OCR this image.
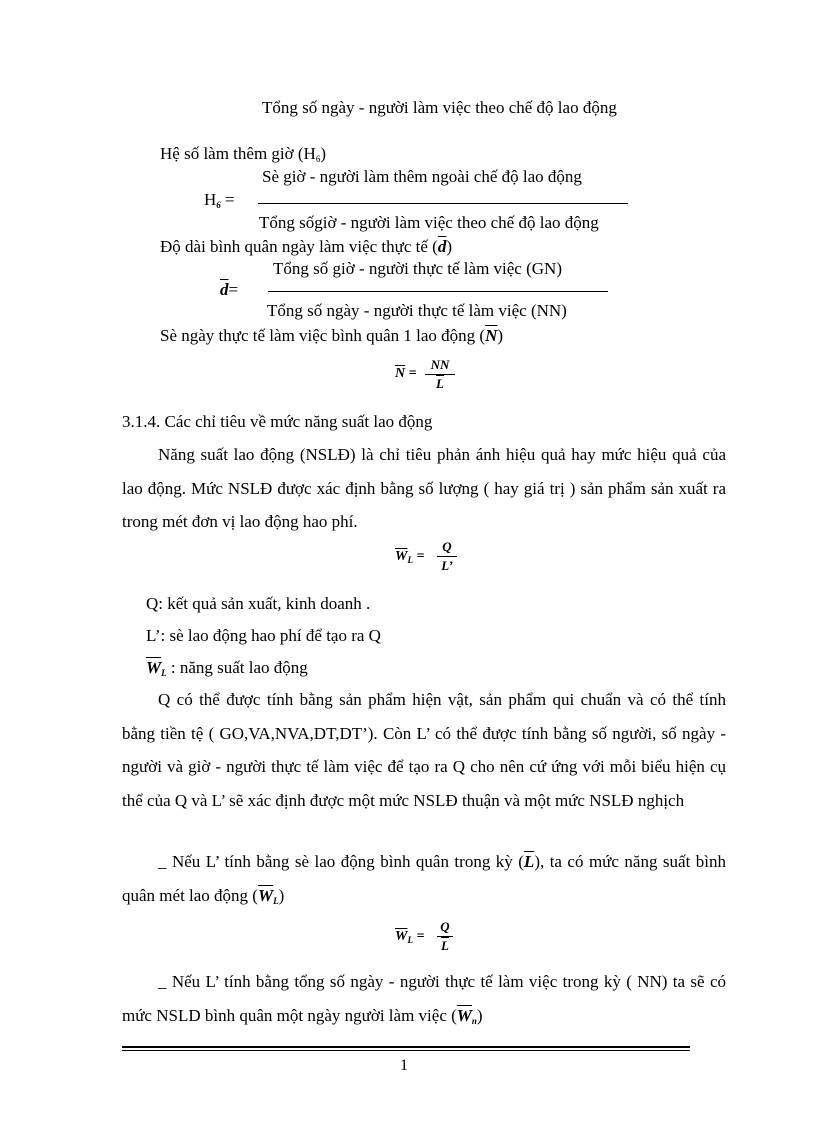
Tổng số ngày - người làm việc theo chế độ lao động
Hệ số làm thêm giờ $(H_6)$
Sè giờ - người làm thêm ngoài chế độ lao động
$H_6$ =
Tổng sốgiờ - người làm việc theo chế độ lao động
Độ dài bình quân ngày làm việc thực tế $(\overline{d})$
Tổng số giờ - người thực tế làm việc (GN)
$\overline{d}=$
Tổng số ngày - người thực tế làm việc (NN)
Sè ngày thực tế làm việc bình quân 1 lao động $(\overline{N})$
$\overline{N} = \frac{NN}{L}$
3.1.4. Các chỉ tiêu về mức năng suất lao động
Năng suất lao động (NSLĐ) là chỉ tiêu phản ánh hiệu quả hay mức hiệu quả của lao động. Mức NSLĐ được xác định bằng số lượng ( hay giá trị ) sản phẩm sản xuất ra trong mét đơn vị lao động hao phí.
$\overline{W}_L$ =
Q
L’
Q: kết quả sản xuất, kinh doanh .
L’: sè lao động hao phí để tạo ra Q
$\overline{W}_L$ : năng suất lao động
Q có thể được tính bằng sản phẩm hiện vật, sản phẩm qui chuẩn và có thể tính bằng tiền tệ ( GO,VA,NVA,DT,DT’). Còn L’ có thể được tính bằng số người, số ngày - người và giờ - người thực tế làm việc để tạo ra Q cho nên cứ ứng với mỗi biểu hiện cụ thể của Q và L’ sẽ xác định được một mức NSLĐ thuận và một mức NSLĐ nghịch
_ Nếu L’ tính bằng sè lao động bình quân trong kỳ $(\overline{L})$, ta có mức năng suất bình quân mét lao động $(\overline{W}_L)$
$\overline{W}_L = \frac{Q}{L}$
_ Nếu L’ tính bằng tổng số ngày - người thực tế làm việc trong kỳ ( NN) ta sẽ có mức NSLD bình quân một ngày người làm việc $(\overline{W}_n)$
1
